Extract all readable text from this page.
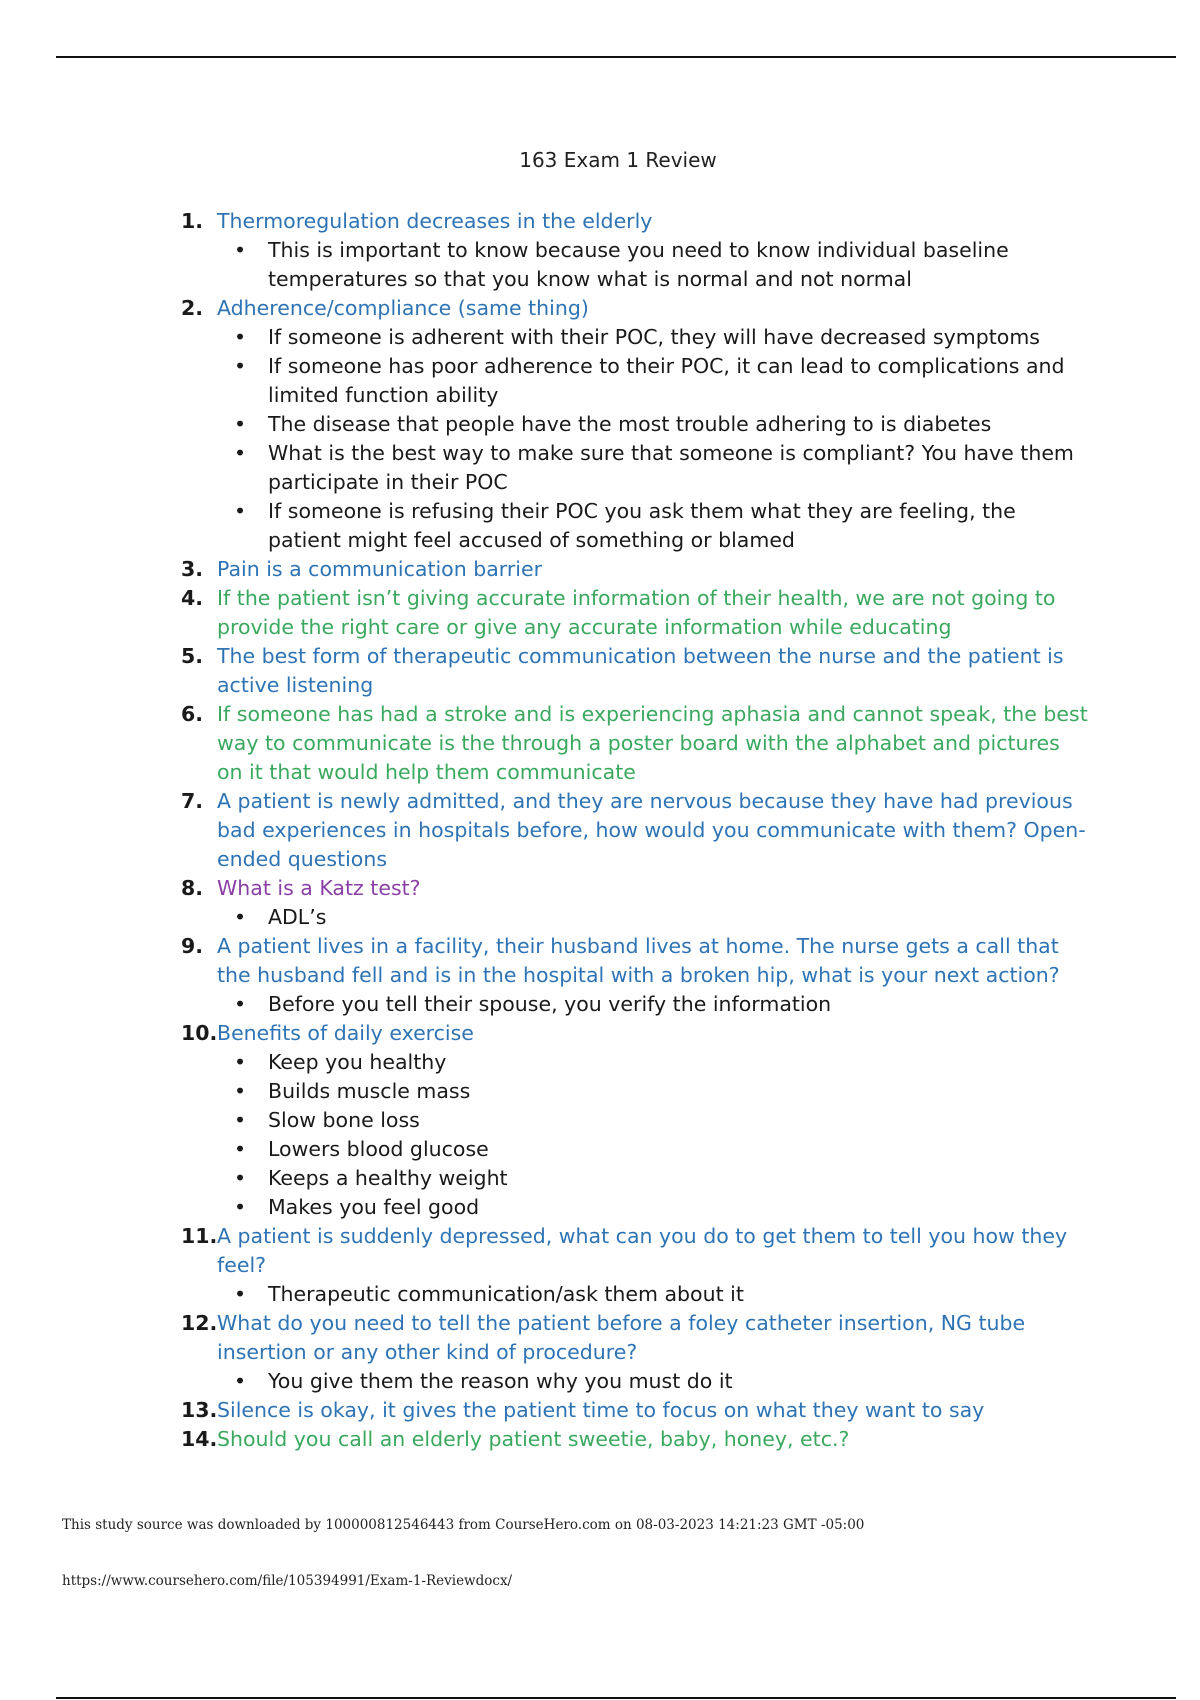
163 Exam 1 Review
1. Thermoregulation decreases in the elderly
•	This is important to know because you need to know individual baseline temperatures so that you know what is normal and not normal
2. Adherence/compliance (same thing)
•	If someone is adherent with their POC, they will have decreased symptoms
•	If someone has poor adherence to their POC, it can lead to complications and limited function ability
•	The disease that people have the most trouble adhering to is diabetes
•	What is the best way to make sure that someone is compliant? You have them participate in their POC
•	If someone is refusing their POC you ask them what they are feeling, the patient might feel accused of something or blamed
3. Pain is a communication barrier
4. If the patient isn’t giving accurate information of their health, we are not going to provide the right care or give any accurate information while educating
5. The best form of therapeutic communication between the nurse and the patient is active listening
6. If someone has had a stroke and is experiencing aphasia and cannot speak, the best way to communicate is the through a poster board with the alphabet and pictures on it that would help them communicate
7. A patient is newly admitted, and they are nervous because they have had previous bad experiences in hospitals before, how would you communicate with them? Open-ended questions
8. What is a Katz test?
•	ADL’s
9. A patient lives in a facility, their husband lives at home. The nurse gets a call that the husband fell and is in the hospital with a broken hip, what is your next action?
•	Before you tell their spouse, you verify the information
10. Benefits of daily exercise
•	Keep you healthy
•	Builds muscle mass
•	Slow bone loss
•	Lowers blood glucose
•	Keeps a healthy weight
•	Makes you feel good
11. A patient is suddenly depressed, what can you do to get them to tell you how they feel?
•	Therapeutic communication/ask them about it
12. What do you need to tell the patient before a foley catheter insertion, NG tube insertion or any other kind of procedure?
•	You give them the reason why you must do it
13. Silence is okay, it gives the patient time to focus on what they want to say
14. Should you call an elderly patient sweetie, baby, honey, etc.?
This study source was downloaded by 100000812546443 from CourseHero.com on 08-03-2023 14:21:23 GMT -05:00
https://www.coursehero.com/file/105394991/Exam-1-Reviewdocx/
